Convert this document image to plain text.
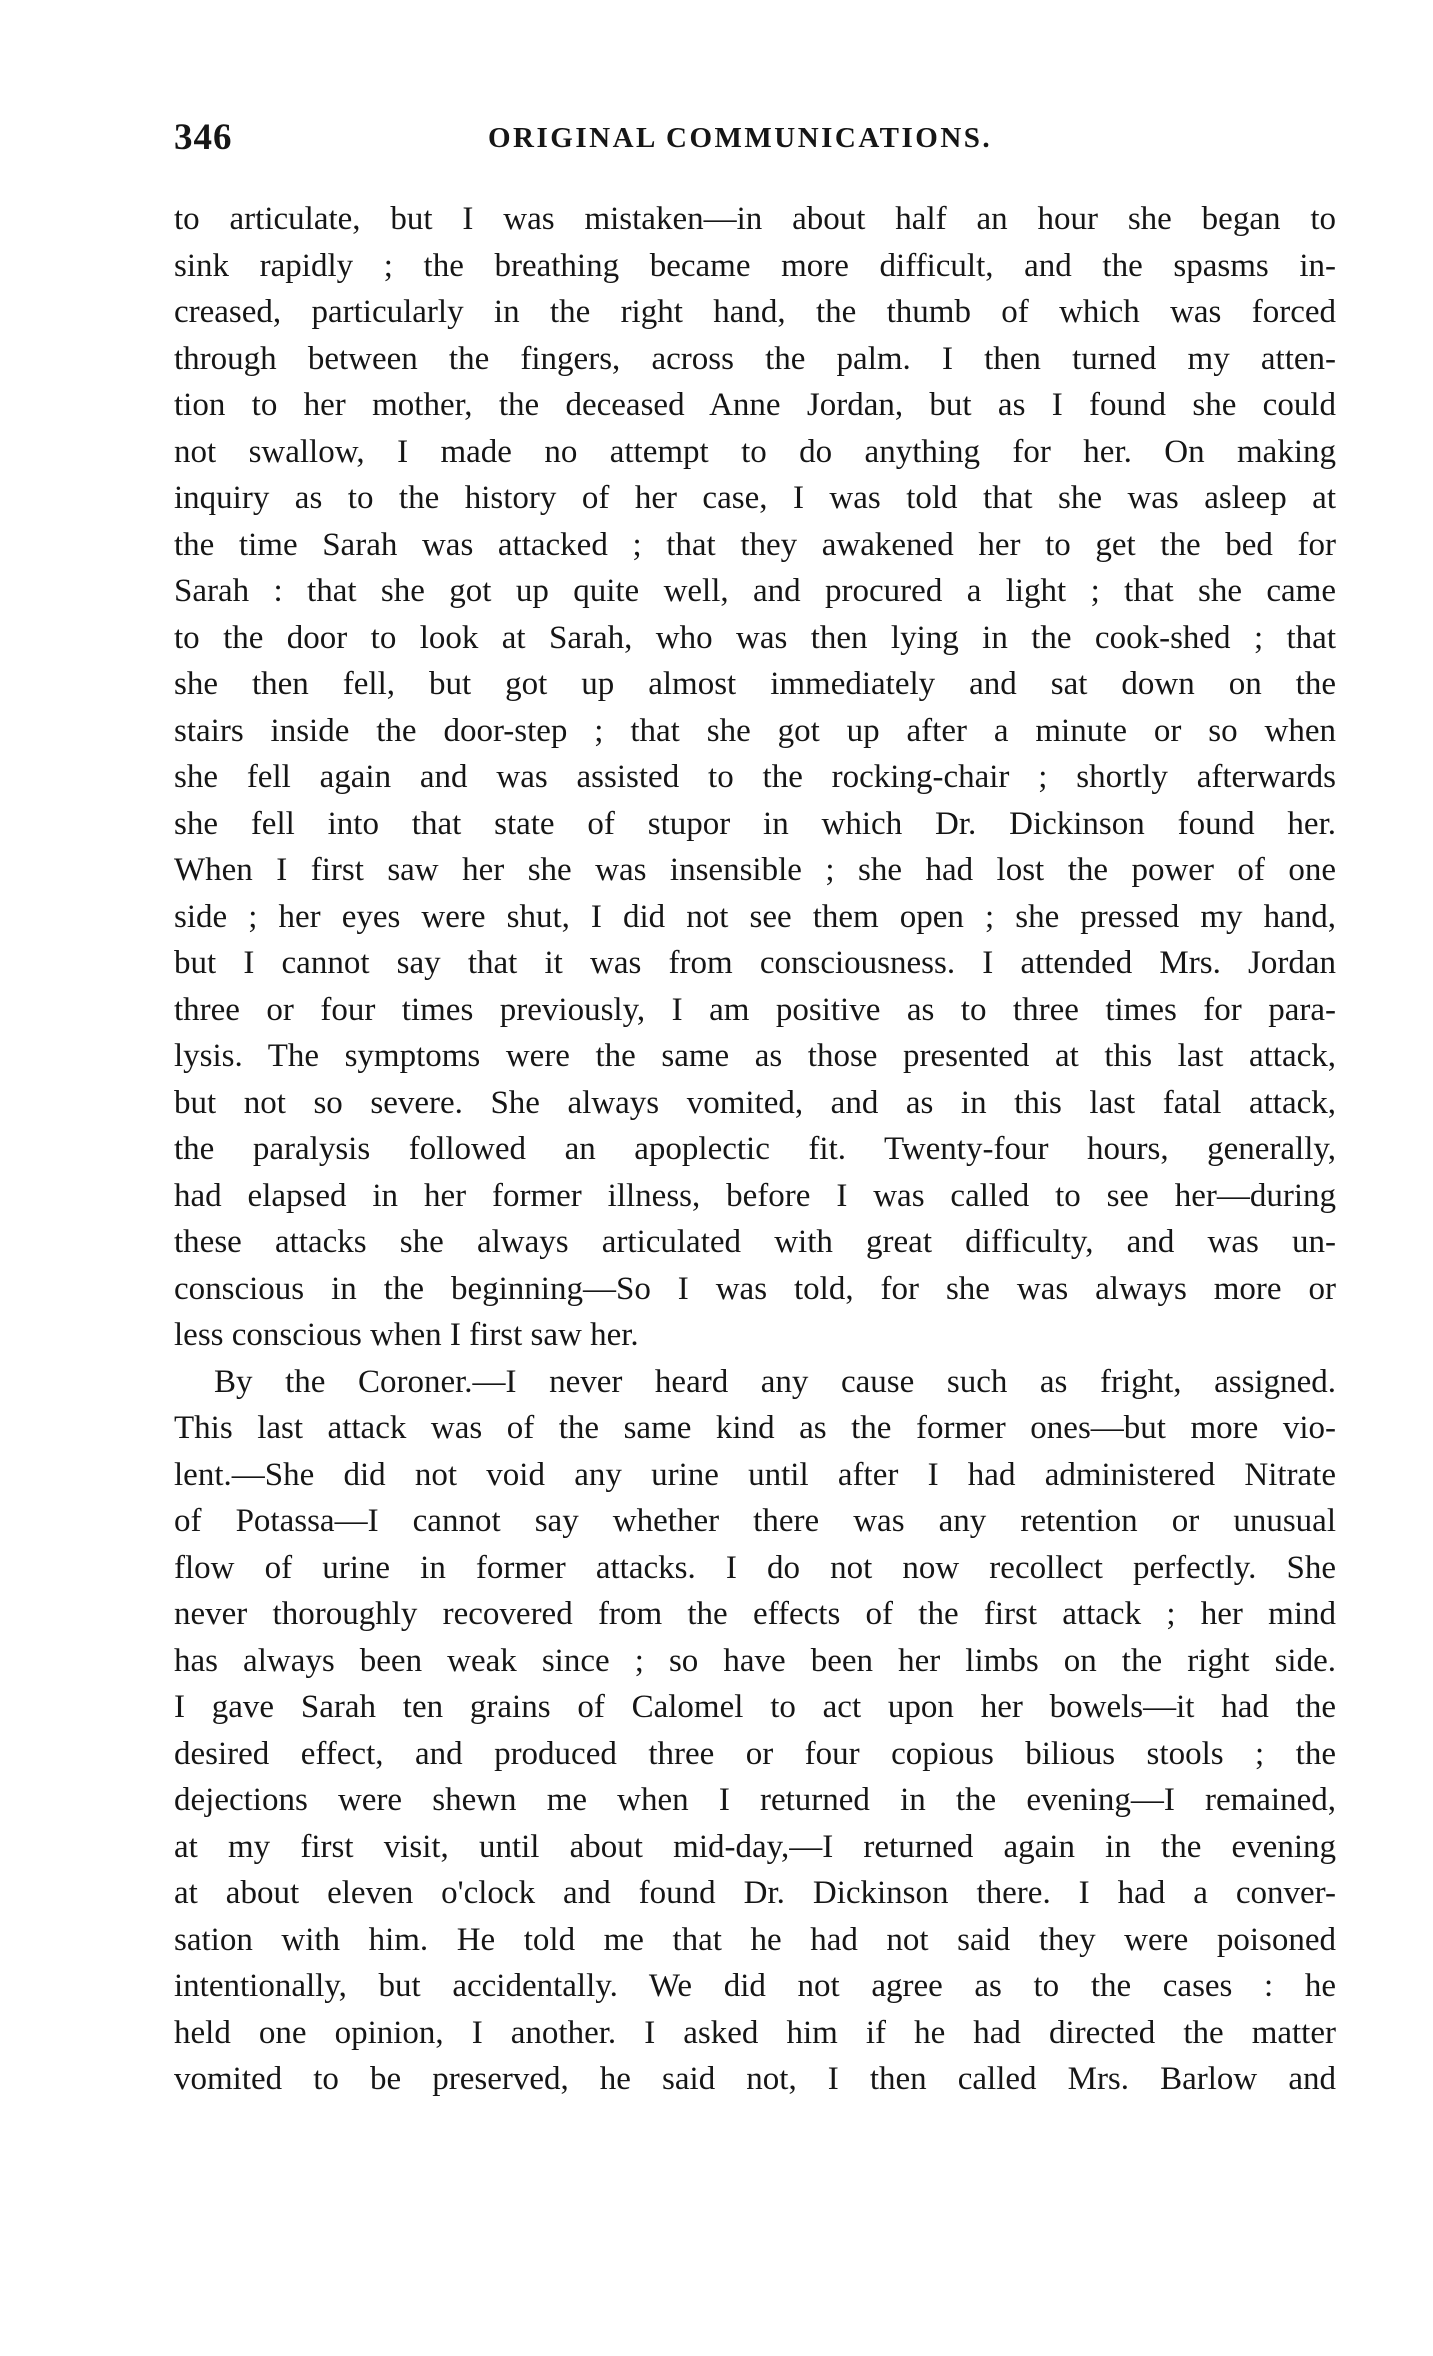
346	ORIGINAL COMMUNICATIONS.
to articulate, but I was mistaken—in about half an hour she began to
sink rapidly ; the breathing became more difficult, and the spasms in-
creased, particularly in the right hand, the thumb of which was forced
through between the fingers, across the palm. I then turned my atten-
tion to her mother, the deceased Anne Jordan, but as I found she could
not swallow, I made no attempt to do anything for her. On making
inquiry as to the history of her case, I was told that she was asleep at
the time Sarah was attacked ; that they awakened her to get the bed for
Sarah : that she got up quite well, and procured a light ; that she came
to the door to look at Sarah, who was then lying in the cook-shed ; that
she then fell, but got up almost immediately and sat down on the
stairs inside the door-step ; that she got up after a minute or so when
she fell again and was assisted to the rocking-chair ; shortly afterwards
she fell into that state of stupor in which Dr. Dickinson found her.
When I first saw her she was insensible ; she had lost the power of one
side ; her eyes were shut, I did not see them open ; she pressed my hand,
but I cannot say that it was from consciousness. I attended Mrs. Jordan
three or four times previously, I am positive as to three times for para-
lysis. The symptoms were the same as those presented at this last attack,
but not so severe. She always vomited, and as in this last fatal attack,
the paralysis followed an apoplectic fit. Twenty-four hours, generally,
had elapsed in her former illness, before I was called to see her—during
these attacks she always articulated with great difficulty, and was un-
conscious in the beginning—So I was told, for she was always more or
less conscious when I first saw her.
By the Coroner.—I never heard any cause such as fright, assigned.
This last attack was of the same kind as the former ones—but more vio-
lent.—She did not void any urine until after I had administered Nitrate
of Potassa—I cannot say whether there was any retention or unusual
flow of urine in former attacks. I do not now recollect perfectly. She
never thoroughly recovered from the effects of the first attack ; her mind
has always been weak since ; so have been her limbs on the right side.
I gave Sarah ten grains of Calomel to act upon her bowels—it had the
desired effect, and produced three or four copious bilious stools ; the
dejections were shewn me when I returned in the evening—I remained,
at my first visit, until about mid-day,—I returned again in the evening
at about eleven o'clock and found Dr. Dickinson there. I had a conver-
sation with him. He told me that he had not said they were poisoned
intentionally, but accidentally. We did not agree as to the cases : he
held one opinion, I another. I asked him if he had directed the matter
vomited to be preserved, he said not, I then called Mrs. Barlow and
